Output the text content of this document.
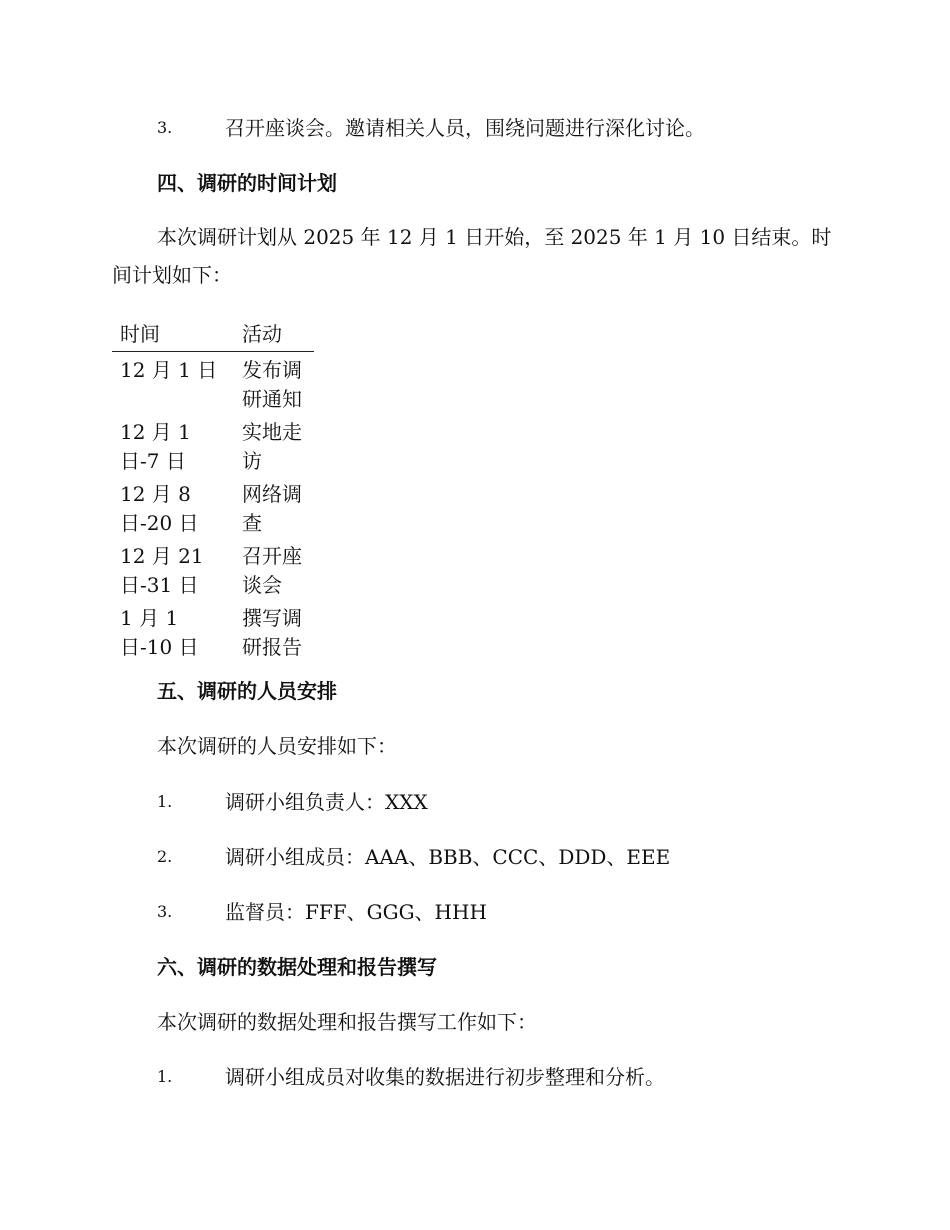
3.	召开座谈会。邀请相关人员，围绕问题进行深化讨论。
四、调研的时间计划
本次调研计划从 2025 年 12 月 1 日开始，至 2025 年 1 月 10 日结束。时间计划如下：
时间	活动
12 月 1 日	发布调研通知
12 月 1 日-7 日	实地走访
12 月 8 日-20 日	网络调查
12 月 21 日-31 日	召开座谈会
1 月 1 日-10 日	撰写调研报告
五、调研的人员安排
本次调研的人员安排如下：
1.	调研小组负责人：XXX
2.	调研小组成员：AAA、BBB、CCC、DDD、EEE
3.	监督员：FFF、GGG、HHH
六、调研的数据处理和报告撰写
本次调研的数据处理和报告撰写工作如下：
1.	调研小组成员对收集的数据进行初步整理和分析。
